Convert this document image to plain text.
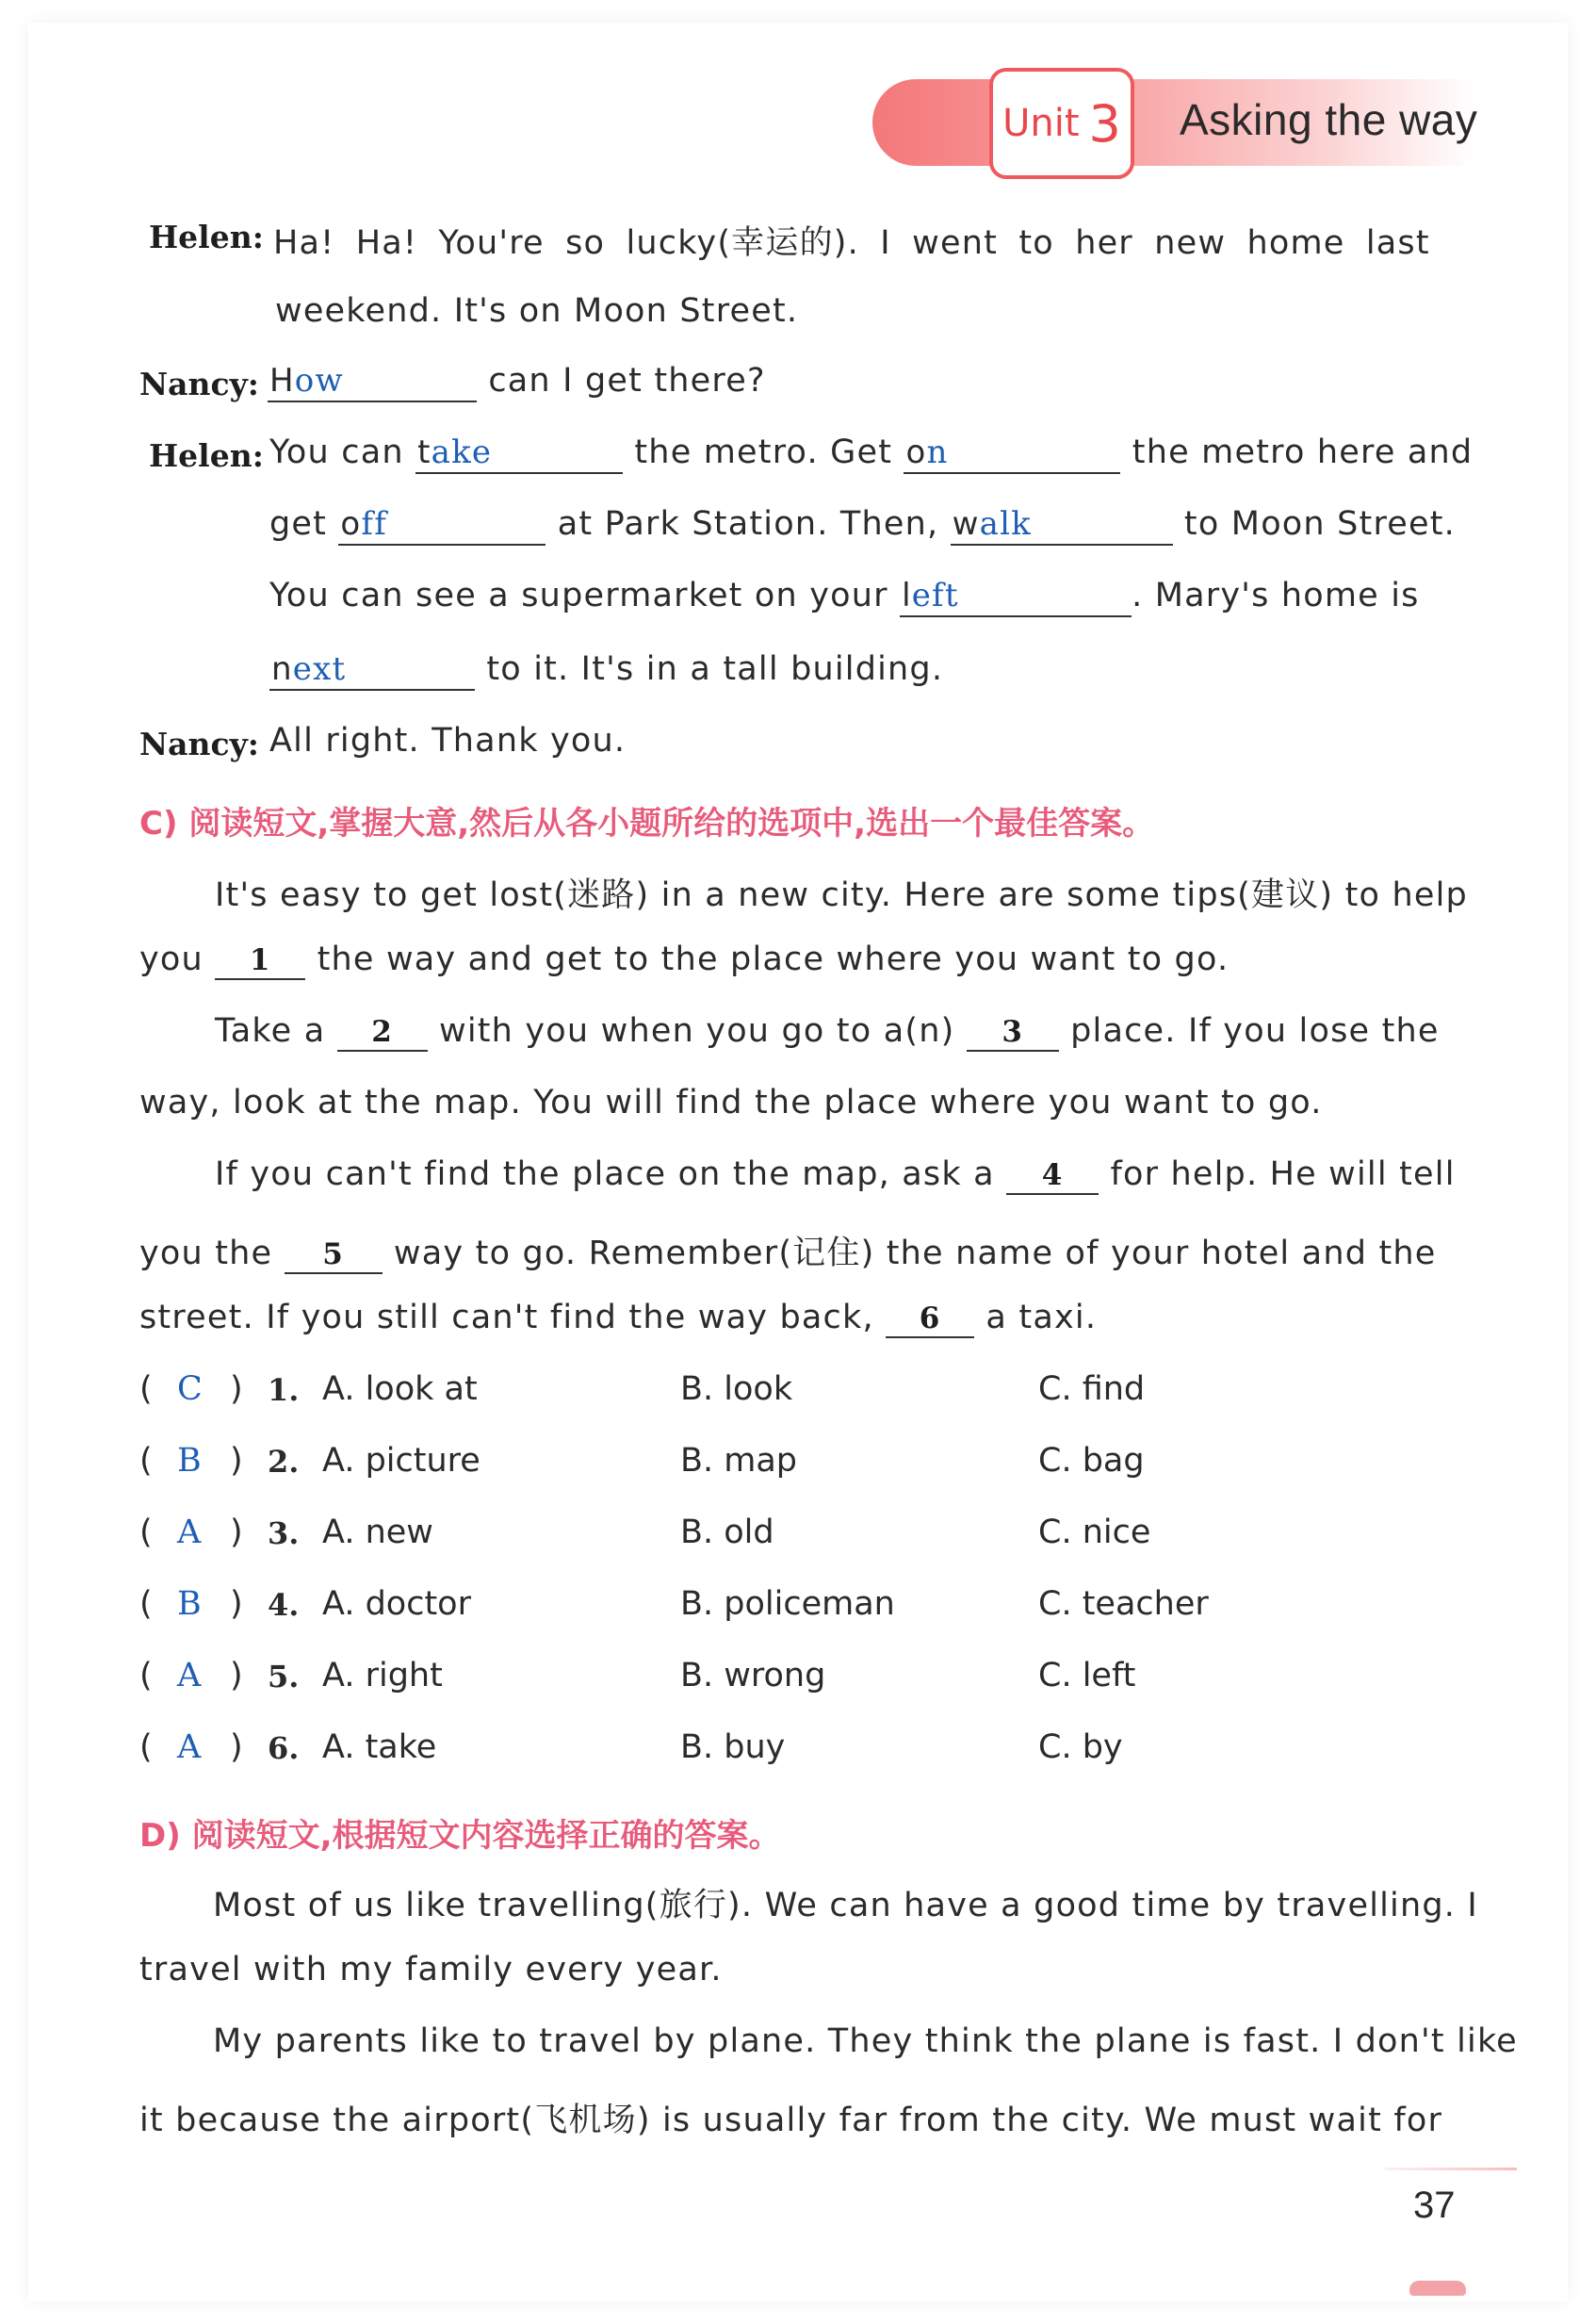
Unit 3 Asking the way
Helen: Ha! Ha! You're so lucky(幸运的). I went to her new home last
weekend. It's on Moon Street.
Nancy: How	can I get there?
Helen: You can take	the metro. Get on	the metro here and
get off	at Park Station. Then, walk	to Moon Street.
You can see a supermarket on your left	. Mary's home is
next	to it. It's in a tall building.
Nancy: All right. Thank you.
C) 阅读短文,掌握大意,然后从各小题所给的选项中,选出一个最佳答案。
It's easy to get lost(迷路) in a new city. Here are some tips(建议) to help
you 1 the way and get to the place where you want to go.
Take a 2 with you when you go to a(n) 3 place. If you lose the
way, look at the map. You will find the place where you want to go.
If you can't find the place on the map, ask a 4 for help. He will tell
you the 5 way to go. Remember(记住) the name of your hotel and the
street. If you still can't find the way back, 6 a taxi.
( C ) 1. A. look at	B. look	C. find
( B ) 2. A. picture	B. map	C. bag
( A ) 3. A. new	B. old	C. nice
( B ) 4. A. doctor	B. policeman	C. teacher
( A ) 5. A. right	B. wrong	C. left
( A ) 6. A. take	B. buy	C. by
D) 阅读短文,根据短文内容选择正确的答案。
Most of us like travelling(旅行). We can have a good time by travelling. I
travel with my family every year.
My parents like to travel by plane. They think the plane is fast. I don't like
it because the airport(飞机场) is usually far from the city. We must wait for
37
